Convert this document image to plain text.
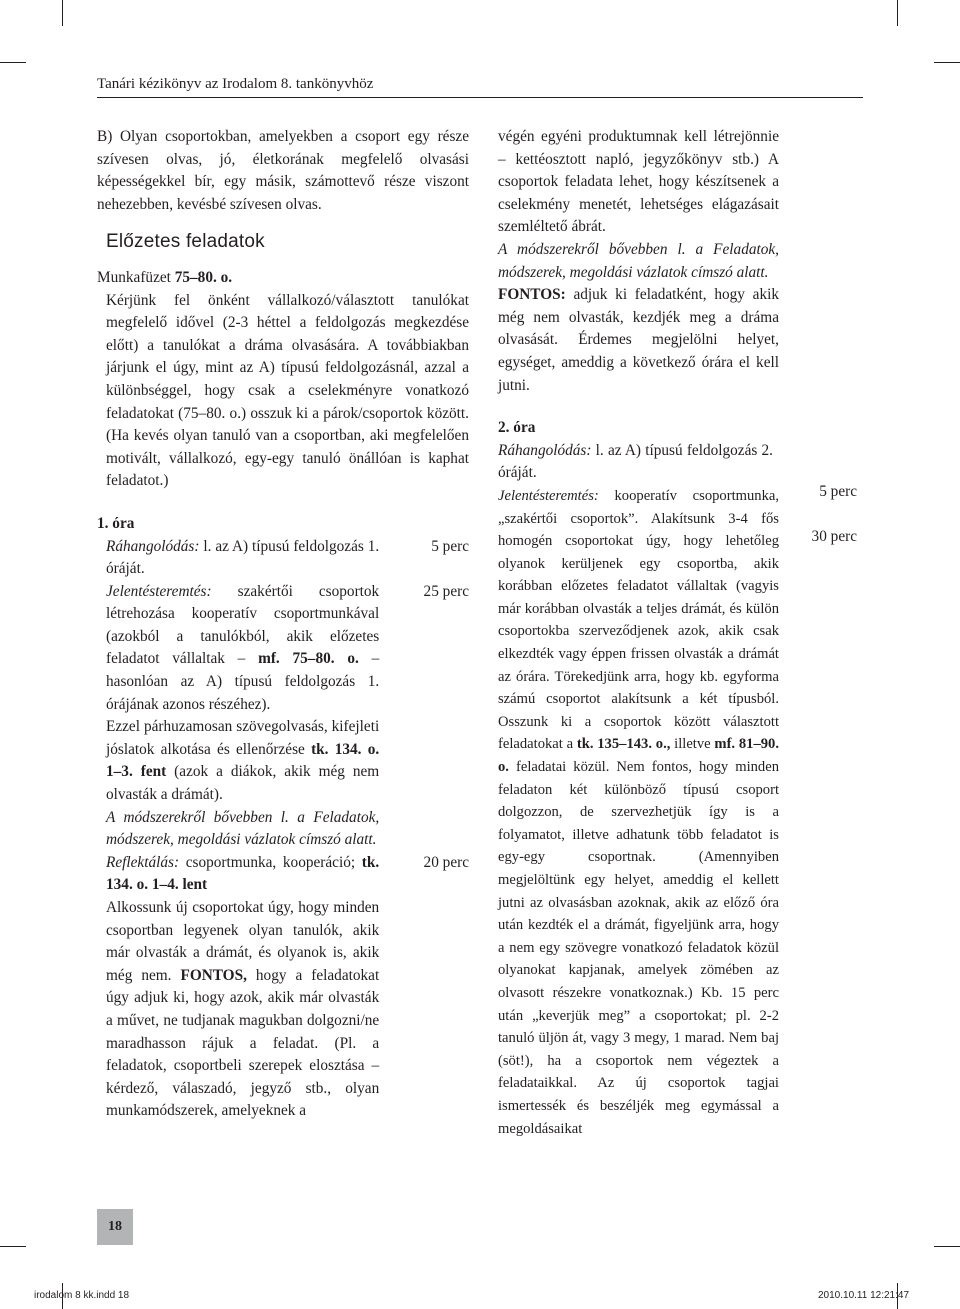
Tanári kézikönyv az Irodalom 8. tankönyvhöz

B) Olyan csoportokban, amelyekben a csoport egy része szívesen olvas, jó, életkorának megfelelő olvasási képességekkel bír, egy másik, számottevő része viszont nehezebben, kevésbé szívesen olvas.

Előzetes feladatok

Munkafüzet 75–80. o.

Kérjünk fel önként vállalkozó/választott tanulókat megfelelő idővel (2-3 héttel a feldolgozás megkezdése előtt) a tanulókat a dráma olvasására. A továbbiakban járjunk el úgy, mint az A) típusú feldolgozásnál, azzal a különbséggel, hogy csak a cselekményre vonatkozó feladatokat (75–80. o.) osszuk ki a párok/csoportok között. (Ha kevés olyan tanuló van a csoportban, aki megfelelően motivált, vállalkozó, egy-egy tanuló önállóan is kaphat feladatot.)

1. óra

Ráhangolódás: l. az A) típusú feldolgozás 1. óráját.
5 perc
Jelentésteremtés: szakértői csoportok létrehozása kooperatív csoportmunkával (azokból a tanulókból, akik előzetes feladatot vállaltak – mf. 75–80. o. – hasonlóan az A) típusú feldolgozás 1. órájának azonos részéhez).
Ezzel párhuzamosan szövegolvasás, kifejleti jóslatok alkotása és ellenőrzése tk. 134. o. 1–3. fent (azok a diákok, akik még nem olvasták a drámát).
A módszerekről bővebben l. a Feladatok, módszerek, megoldási vázlatok címszó alatt.
25 perc
Reflektálás: csoportmunka, kooperáció; tk. 134. o. 1–4. lent
Alkossunk új csoportokat úgy, hogy minden csoportban legyenek olyan tanulók, akik már olvasták a drámát, és olyanok is, akik még nem. FONTOS, hogy a feladatokat úgy adjuk ki, hogy azok, akik már olvasták a művet, ne tudjanak magukban dolgozni/ne maradhasson rájuk a feladat. (Pl. a feladatok, csoportbeli szerepek elosztása – kérdező, válaszadó, jegyző stb., olyan munkamódszerek, amelyeknek a
20 perc

végén egyéni produktumnak kell létrejönnie – kettéosztott napló, jegyzőkönyv stb.) A csoportok feladata lehet, hogy készítsenek a cselekmény menetét, lehetséges elágazásait szemléltető ábrát.

A módszerekről bővebben l. a Feladatok, módszerek, megoldási vázlatok címszó alatt.

FONTOS: adjuk ki feladatként, hogy akik még nem olvasták, kezdjék meg a dráma olvasását. Érdemes megjelölni helyet, egységet, ameddig a következő órára el kell jutni.

2. óra

Ráhangolódás: l. az A) típusú feldolgozás 2. óráját.

Jelentésteremtés: kooperatív csoportmunka, „szakértői csoportok”. Alakítsunk 3-4 fős homogén csoportokat úgy, hogy lehetőleg olyanok kerüljenek egy csoportba, akik korábban előzetes feladatot vállaltak (vagyis már korábban olvasták a teljes drámát, és külön csoportokba szerveződjenek azok, akik csak elkezdték vagy éppen frissen olvasták a drámát az órára. Törekedjünk arra, hogy kb. egyforma számú csoportot alakítsunk a két típusból. Osszunk ki a csoportok között választott feladatokat a tk. 135–143. o., illetve mf. 81–90. o. feladatai közül. Nem fontos, hogy minden feladaton két különböző típusú csoport dolgozzon, de szervezhetjük így is a folyamatot, illetve adhatunk több feladatot is egy-egy csoportnak. (Amennyiben megjelöltünk egy helyet, ameddig el kellett jutni az olvasásban azoknak, akik az előző óra után kezdték el a drámát, figyeljünk arra, hogy a nem egy szövegre vonatkozó feladatok közül olyanokat kapjanak, amelyek zömében az olvasott részekre vonatkoznak.) Kb. 15 perc után „keverjük meg” a csoportokat; pl. 2-2 tanuló üljön át, vagy 3 megy, 1 marad. Nem baj (söt!), ha a csoportok nem végeztek a feladataikkal. Az új csoportok tagjai ismertessék és beszéljék meg egymással a megoldásaikat

5 perc
30 perc
18
irodalom 8 kk.indd 18	2010.10.11 12:21:47
